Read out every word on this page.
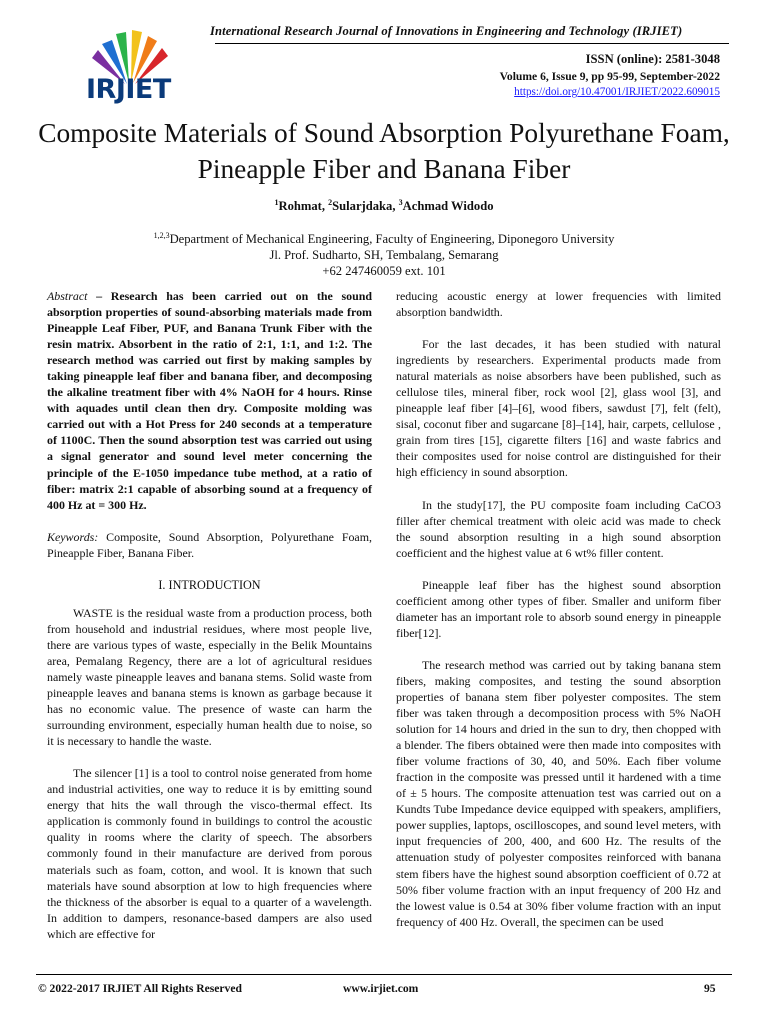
International Research Journal of Innovations in Engineering and Technology (IRJIET)
IRJIET
ISSN (online): 2581-3048
Volume 6, Issue 9, pp 95-99, September-2022
https://doi.org/10.47001/IRJIET/2022.609015
Composite Materials of Sound Absorption Polyurethane Foam, Pineapple Fiber and Banana Fiber
$^1$Rohmat, $^2$Sularjdaka, $^3$Achmad Widodo
$^{1,2,3}$Department of Mechanical Engineering, Faculty of Engineering, Diponegoro University
Jl. Prof. Sudharto, SH, Tembalang, Semarang
+62 247460059 ext. 101

Abstract – Research has been carried out on the sound absorption properties of sound-absorbing materials made from Pineapple Leaf Fiber, PUF, and Banana Trunk Fiber with the resin matrix. Absorbent in the ratio of 2:1, 1:1, and 1:2. The research method was carried out first by making samples by taking pineapple leaf fiber and banana fiber, and decomposing the alkaline treatment fiber with 4% NaOH for 4 hours. Rinse with aquades until clean then dry. Composite molding was carried out with a Hot Press for 240 seconds at a temperature of 1100C. Then the sound absorption test was carried out using a signal generator and sound level meter concerning the principle of the E-1050 impedance tube method, at a ratio of fiber: matrix 2:1 capable of absorbing sound at a frequency of 400 Hz at = 300 Hz.

Keywords: Composite, Sound Absorption, Polyurethane Foam, Pineapple Fiber, Banana Fiber.

I. INTRODUCTION

WASTE is the residual waste from a production process, both from household and industrial residues, where most people live, there are various types of waste, especially in the Belik Mountains area, Pemalang Regency, there are a lot of agricultural residues namely waste pineapple leaves and banana stems. Solid waste from pineapple leaves and banana stems is known as garbage because it has no economic value. The presence of waste can harm the surrounding environment, especially human health due to noise, so it is necessary to handle the waste.

The silencer [1] is a tool to control noise generated from home and industrial activities, one way to reduce it is by emitting sound energy that hits the wall through the visco-thermal effect. Its application is commonly found in buildings to control the acoustic quality in rooms where the clarity of speech. The absorbers commonly found in their manufacture are derived from porous materials such as foam, cotton, and wool. It is known that such materials have sound absorption at low to high frequencies where the thickness of the absorber is equal to a quarter of a wavelength. In addition to dampers, resonance-based dampers are also used which are effective for

reducing acoustic energy at lower frequencies with limited absorption bandwidth.

For the last decades, it has been studied with natural ingredients by researchers. Experimental products made from natural materials as noise absorbers have been published, such as cellulose tiles, mineral fiber, rock wool [2], glass wool [3], and pineapple leaf fiber [4]–[6], wood fibers, sawdust [7], felt (felt), sisal, coconut fiber and sugarcane [8]–[14], hair, carpets, cellulose , grain from tires [15], cigarette filters [16] and waste fabrics and their composites used for noise control are distinguished for their high efficiency in sound absorption.

In the study[17], the PU composite foam including CaCO3 filler after chemical treatment with oleic acid was made to check the sound absorption resulting in a high sound absorption coefficient and the highest value at 6 wt% filler content.

Pineapple leaf fiber has the highest sound absorption coefficient among other types of fiber. Smaller and uniform fiber diameter has an important role to absorb sound energy in pineapple fiber[12].

The research method was carried out by taking banana stem fibers, making composites, and testing the sound absorption properties of banana stem fiber polyester composites. The stem fiber was taken through a decomposition process with 5% NaOH solution for 14 hours and dried in the sun to dry, then chopped with a blender. The fibers obtained were then made into composites with fiber volume fractions of 30, 40, and 50%. Each fiber volume fraction in the composite was pressed until it hardened with a time of ± 5 hours. The composite attenuation test was carried out on a Kundts Tube Impedance device equipped with speakers, amplifiers, power supplies, laptops, oscilloscopes, and sound level meters, with input frequencies of 200, 400, and 600 Hz. The results of the attenuation study of polyester composites reinforced with banana stem fibers have the highest sound absorption coefficient of 0.72 at 50% fiber volume fraction with an input frequency of 200 Hz and the lowest value is 0.54 at 30% fiber volume fraction with an input frequency of 400 Hz. Overall, the specimen can be used

© 2022-2017 IRJIET All Rights Reserved	www.irjiet.com	95
